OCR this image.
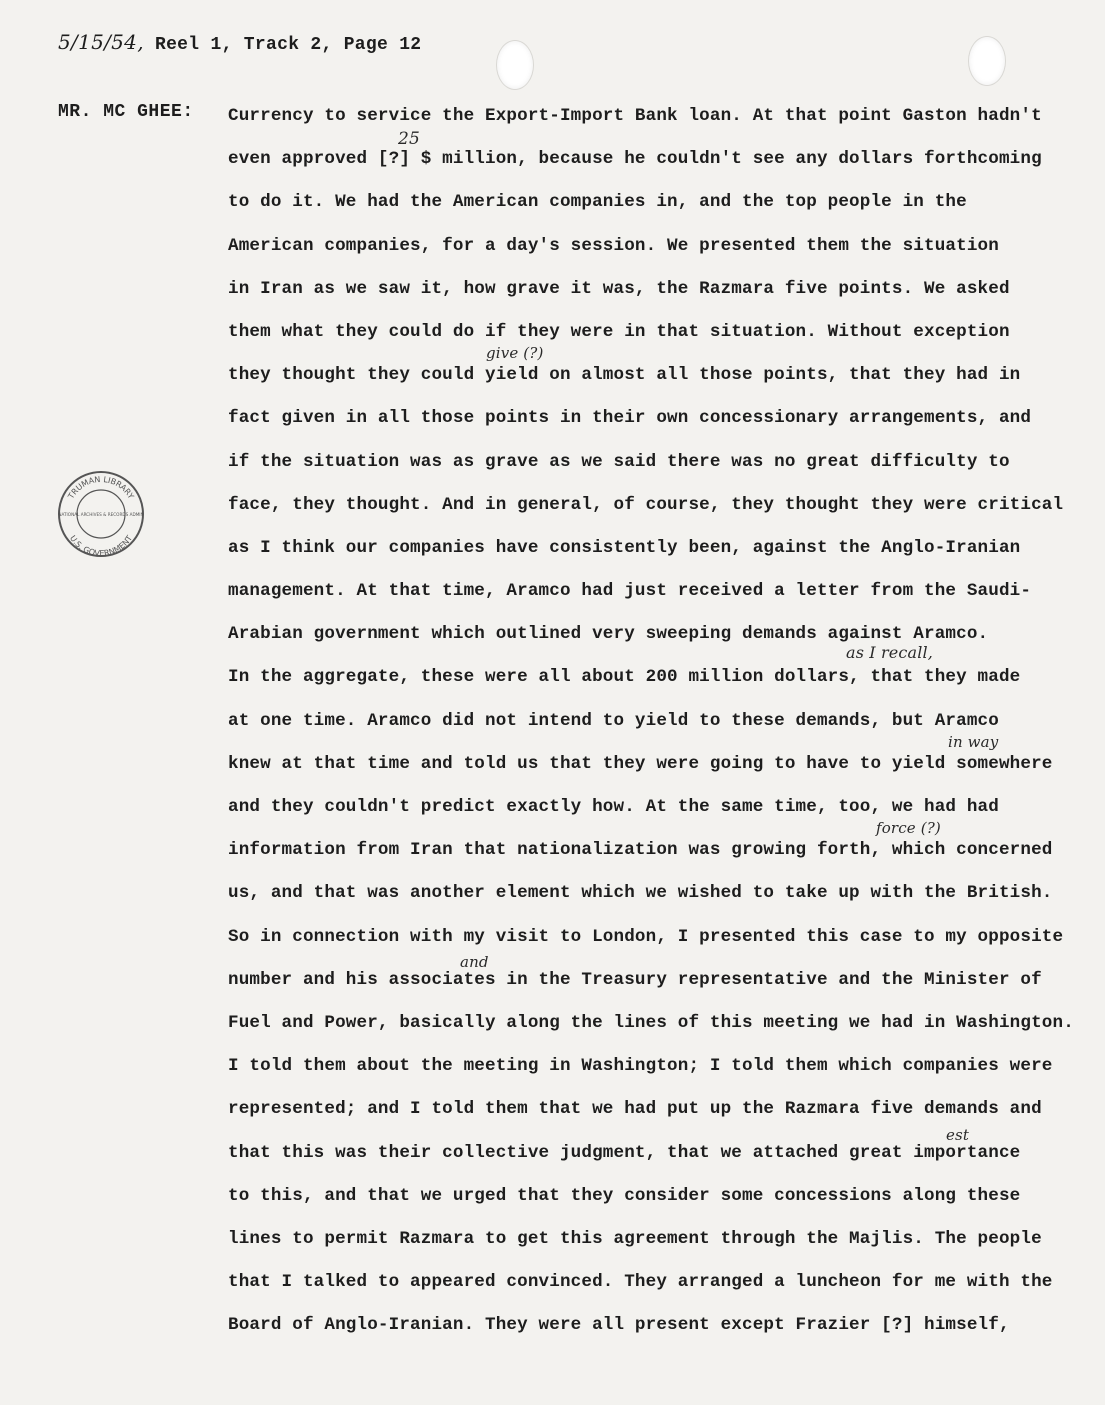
5/15/54, Reel 1, Track 2, Page 12
MR. MC GHEE: Currency to service the Export-Import Bank loan. At that point Gaston hadn't
even approved [?] $ million, because he couldn't see any dollars forthcoming
25
to do it. We had the American companies in, and the top people in the
American companies, for a day's session. We presented them the situation
in Iran as we saw it, how grave it was, the Razmara five points. We asked
them what they could do if they were in that situation. Without exception
they thought they could yield on almost all those points, that they had in
give (?)
fact given in all those points in their own concessionary arrangements, and
if the situation was as grave as we said there was no great difficulty to
face, they thought. And in general, of course, they thought they were critical
as I think our companies have consistently been, against the Anglo-Iranian
management. At that time, Aramco had just received a letter from the Saudi-
Arabian government which outlined very sweeping demands against Aramco.
In the aggregate, these were all about 200 million dollars, that they made
as I recall,
at one time. Aramco did not intend to yield to these demands, but Aramco
knew at that time and told us that they were going to have to yield somewhere
in way
and they couldn't predict exactly how. At the same time, too, we had had
information from Iran that nationalization was growing forth, which concerned
force (?)
us, and that was another element which we wished to take up with the British.
So in connection with my visit to London, I presented this case to my opposite
number and his associates in the Treasury representative and the Minister of
and
Fuel and Power, basically along the lines of this meeting we had in Washington.
I told them about the meeting in Washington; I told them which companies were
represented; and I told them that we had put up the Razmara five demands and
that this was their collective judgment, that we attached great importance
est
to this, and that we urged that they consider some concessions along these
lines to permit Razmara to get this agreement through the Majlis. The people
that I talked to appeared convinced. They arranged a luncheon for me with the
Board of Anglo-Iranian. They were all present except Frazier [?] himself,
TRUMAN LIBRARY
NATIONAL ARCHIVES & RECORDS ADMIN
U.S. GOVERNMENT
